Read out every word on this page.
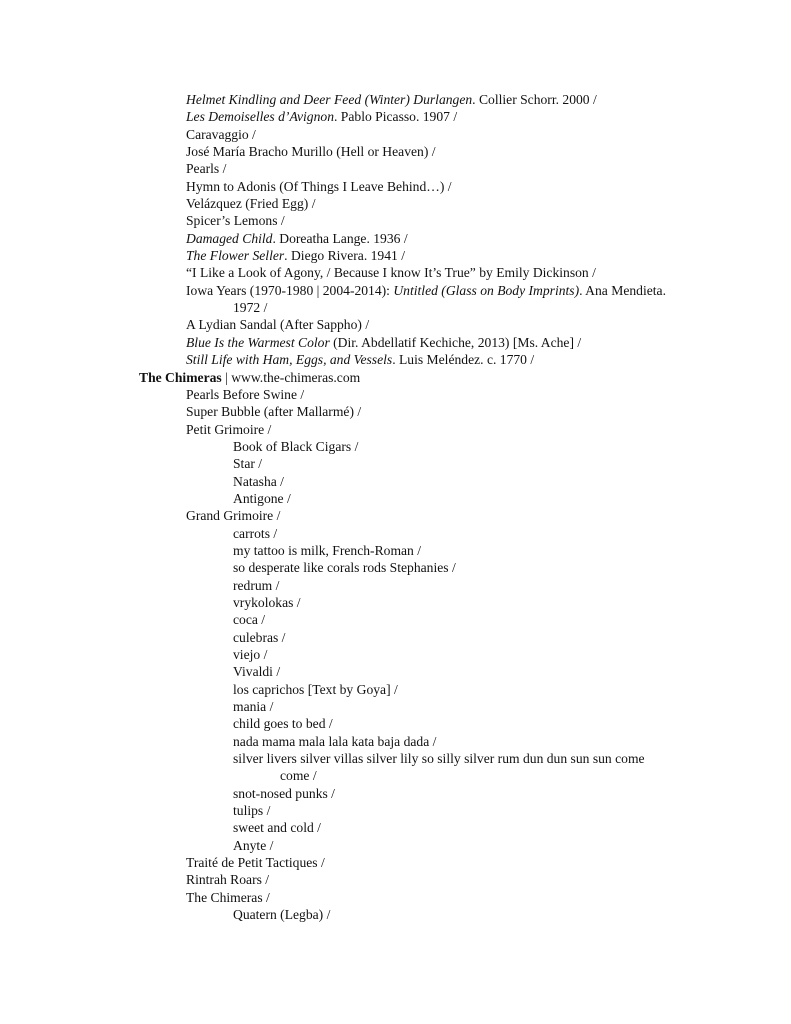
Helmet Kindling and Deer Feed (Winter) Durlangen. Collier Schorr. 2000 /
Les Demoiselles d’Avignon. Pablo Picasso. 1907 /
Caravaggio /
José María Bracho Murillo (Hell or Heaven) /
Pearls /
Hymn to Adonis (Of Things I Leave Behind…) /
Velázquez (Fried Egg) /
Spicer’s Lemons /
Damaged Child. Doreatha Lange. 1936 /
The Flower Seller. Diego Rivera. 1941 /
“I Like a Look of Agony, / Because I know It’s True” by Emily Dickinson /
Iowa Years (1970-1980 | 2004-2014): Untitled (Glass on Body Imprints). Ana Mendieta.
1972 /
A Lydian Sandal (After Sappho) /
Blue Is the Warmest Color (Dir. Abdellatif Kechiche, 2013) [Ms. Ache] /
Still Life with Ham, Eggs, and Vessels. Luis Meléndez. c. 1770 /
The Chimeras | www.the-chimeras.com
Pearls Before Swine /
Super Bubble (after Mallarmé) /
Petit Grimoire /
Book of Black Cigars /
Star /
Natasha /
Antigone /
Grand Grimoire /
carrots /
my tattoo is milk, French-Roman /
so desperate like corals rods Stephanies /
redrum /
vrykolokas /
coca /
culebras /
viejo /
Vivaldi /
los caprichos [Text by Goya] /
mania /
child goes to bed /
nada mama mala lala kata baja dada /
silver livers silver villas silver lily so silly silver rum dun dun sun sun come
come /
snot-nosed punks /
tulips /
sweet and cold /
Anyte /
Traité de Petit Tactiques /
Rintrah Roars /
The Chimeras /
Quatern (Legba) /
